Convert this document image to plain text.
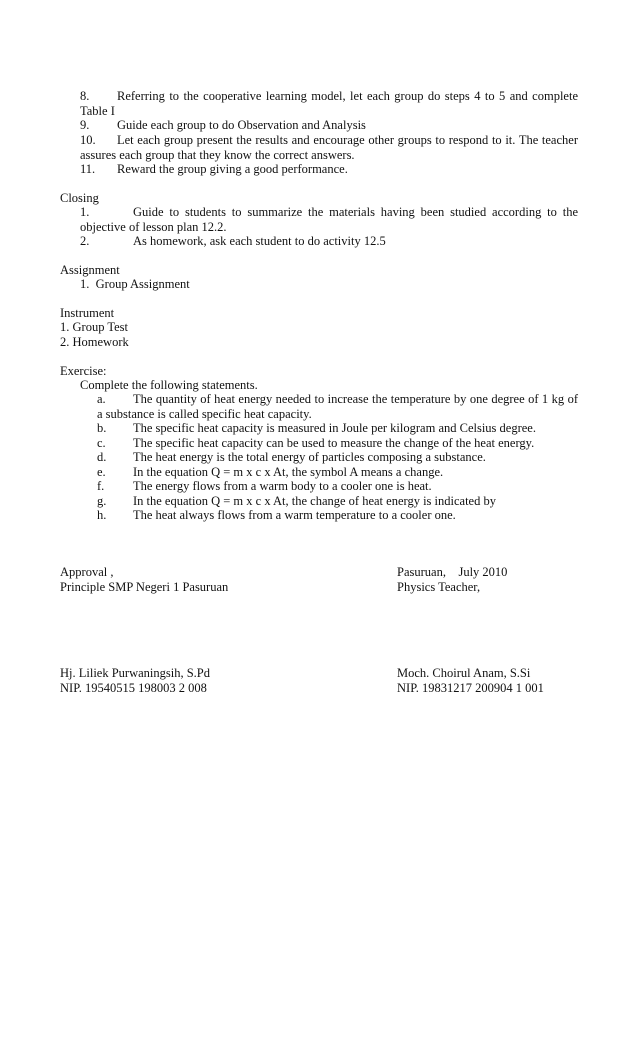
8. Referring to the cooperative learning model, let each group do steps 4 to 5 and complete
Table I
9. Guide each group to do Observation and Analysis
10. Let each group present the results and encourage other groups to respond to it. The teacher
assures each group that they know the correct answers.
11. Reward the group giving a good performance.
Closing
1.	Guide to students to summarize the materials having been studied according to the
objective of lesson plan 12.2.
2.	As homework, ask each student to do activity 12.5
Assignment
1.  Group Assignment
Instrument
1. Group Test
2. Homework
Exercise:
Complete the following statements.
a. The quantity of heat energy needed to increase the temperature by one degree of 1 kg of
a substance is called specific heat capacity.
b. The specific heat capacity is measured in Joule per kilogram and Celsius degree.
c. The specific heat capacity can be used to measure the change of the heat energy.
d. The heat energy is the total energy of particles composing a substance.
e. In the equation Q = m x c x At, the symbol A means a change.
f. The energy flows from a warm body to a cooler one is heat.
g. In the equation Q = m x c x At, the change of heat energy is indicated by
h. The heat always flows from a warm temperature to a cooler one.
Approval ,
Principle SMP Negeri 1 Pasuruan
Hj. Liliek Purwaningsih, S.Pd
NIP. 19540515 198003 2 008
Pasuruan,    July 2010
Physics Teacher,
Moch. Choirul Anam, S.Si
NIP. 19831217 200904 1 001
